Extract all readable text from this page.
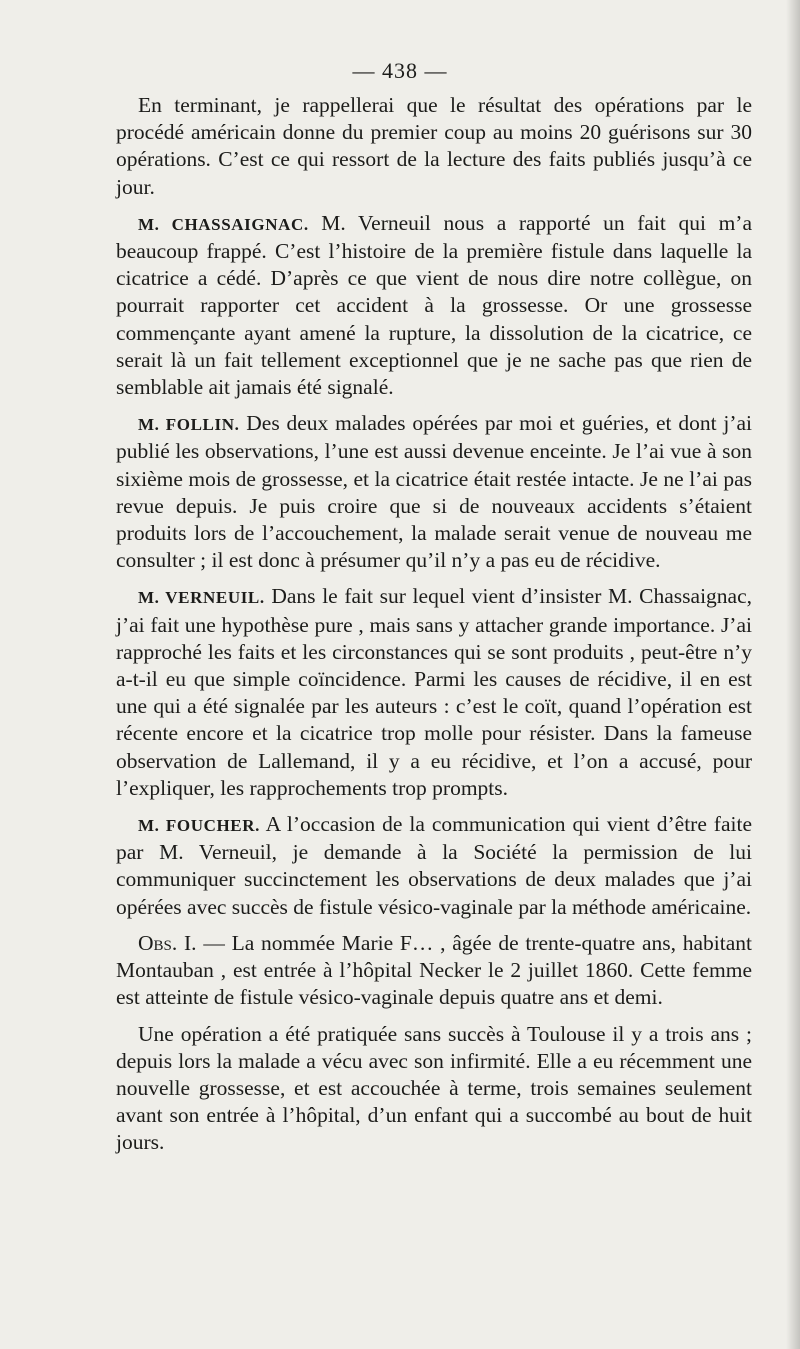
— 438 —

En terminant, je rappellerai que le résultat des opérations par le procédé américain donne du premier coup au moins 20 guérisons sur 30 opérations. C’est ce qui ressort de la lecture des faits publiés jusqu’à ce jour.

M. CHASSAIGNAC. M. Verneuil nous a rapporté un fait qui m’a beaucoup frappé. C’est l’histoire de la première fistule dans laquelle la cicatrice a cédé. D’après ce que vient de nous dire notre collègue, on pourrait rapporter cet accident à la grossesse. Or une grossesse commençante ayant amené la rupture, la dissolution de la cicatrice, ce serait là un fait tellement exceptionnel que je ne sache pas que rien de semblable ait jamais été signalé.

M. FOLLIN. Des deux malades opérées par moi et guéries, et dont j’ai publié les observations, l’une est aussi devenue enceinte. Je l’ai vue à son sixième mois de grossesse, et la cicatrice était restée intacte. Je ne l’ai pas revue depuis. Je puis croire que si de nouveaux accidents s’étaient produits lors de l’accouchement, la malade serait venue de nouveau me consulter ; il est donc à présumer qu’il n’y a pas eu de récidive.

M. VERNEUIL. Dans le fait sur lequel vient d’insister M. Chassaignac, j’ai fait une hypothèse pure , mais sans y attacher grande importance. J’ai rapproché les faits et les circonstances qui se sont produits , peut-être n’y a-t-il eu que simple coïncidence. Parmi les causes de récidive, il en est une qui a été signalée par les auteurs : c’est le coït, quand l’opération est récente encore et la cicatrice trop molle pour résister. Dans la fameuse observation de Lallemand, il y a eu récidive, et l’on a accusé, pour l’expliquer, les rapprochements trop prompts.

M. FOUCHER. A l’occasion de la communication qui vient d’être faite par M. Verneuil, je demande à la Société la permission de lui communiquer succinctement les observations de deux malades que j’ai opérées avec succès de fistule vésico-vaginale par la méthode américaine.

Obs. I. — La nommée Marie F… , âgée de trente-quatre ans, habitant Montauban , est entrée à l’hôpital Necker le 2 juillet 1860. Cette femme est atteinte de fistule vésico-vaginale depuis quatre ans et demi.

Une opération a été pratiquée sans succès à Toulouse il y a trois ans ; depuis lors la malade a vécu avec son infirmité. Elle a eu récemment une nouvelle grossesse, et est accouchée à terme, trois semaines seulement avant son entrée à l’hôpital, d’un enfant qui a succombé au bout de huit jours.
